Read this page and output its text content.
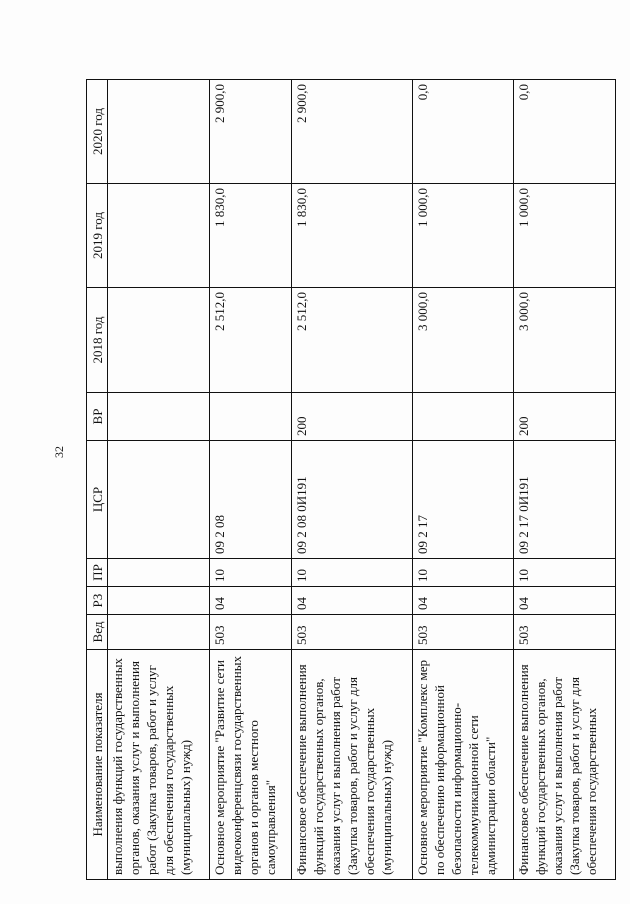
32
Наименование показателя	Вед	РЗ	ПР	ЦСР	ВР	2018 год	2019 год	2020 год
выполнения функций государственных органов, оказания услуг и выполнения работ (Закупка товаров, работ и услуг для обеспечения государственных (муниципальных) нужд)								
Основное мероприятие "Развитие сети видеоконференцсвязи государственных органов и органов местного самоуправления"	503	04	10	09 2 08		2 512,0	1 830,0	2 900,0
Финансовое обеспечение выполнения функций государственных органов, оказания услуг и выполнения работ (Закупка товаров, работ и услуг для обеспечения государственных (муниципальных) нужд)	503	04	10	09 2 08 0И191	200	2 512,0	1 830,0	2 900,0
Основное мероприятие "Комплекс мер по обеспечению информационной безопасности информационно-телекоммуникационной сети администрации области"	503	04	10	09 2 17		3 000,0	1 000,0	0,0
Финансовое обеспечение выполнения функций государственных органов, оказания услуг и выполнения работ (Закупка товаров, работ и услуг для обеспечения государственных	503	04	10	09 2 17 0И191	200	3 000,0	1 000,0	0,0
